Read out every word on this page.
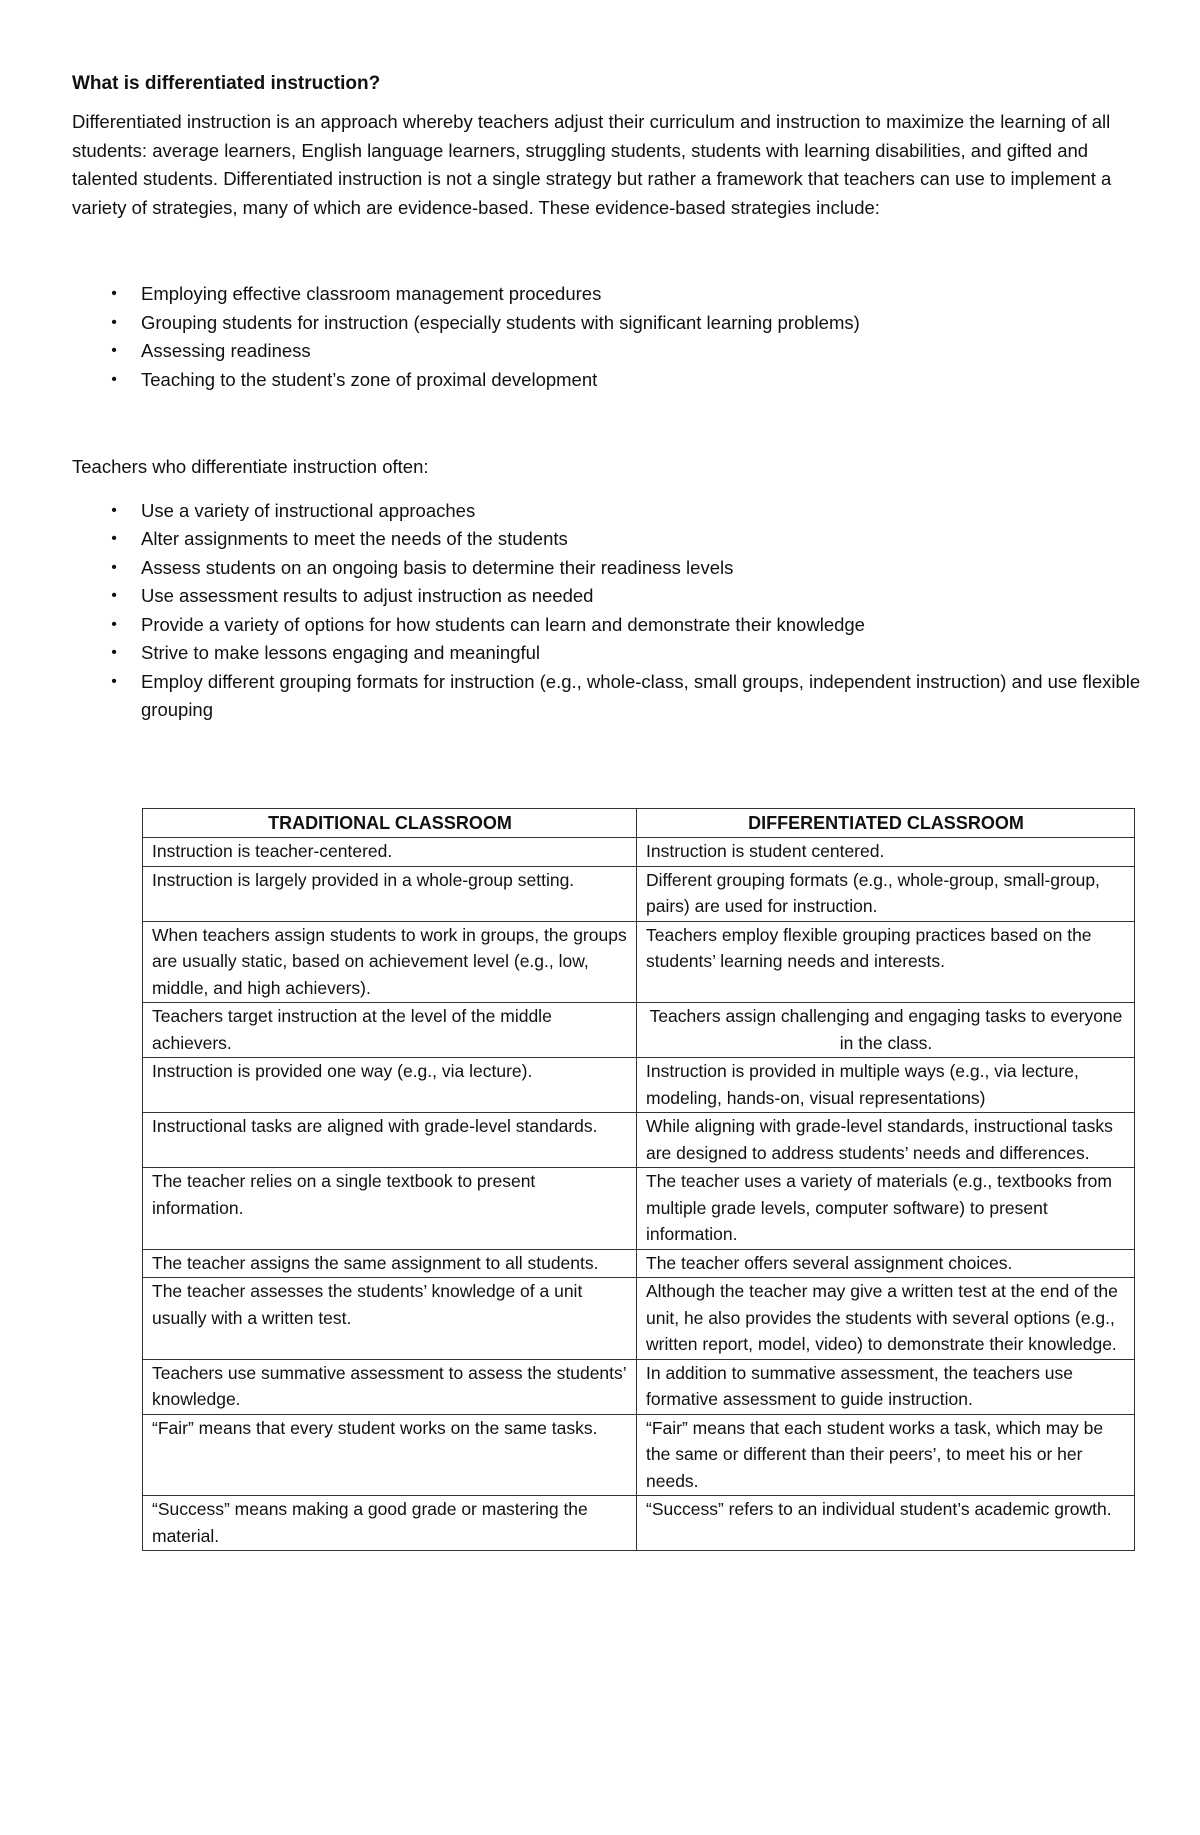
What is differentiated instruction?

Differentiated instruction is an approach whereby teachers adjust their curriculum and instruction to maximize the learning of all students: average learners, English language learners, struggling students, students with learning disabilities, and gifted and talented students. Differentiated instruction is not a single strategy but rather a framework that teachers can use to implement a variety of strategies, many of which are evidence-based. These evidence-based strategies include:

• Employing effective classroom management procedures
• Grouping students for instruction (especially students with significant learning problems)
• Assessing readiness
• Teaching to the student’s zone of proximal development

Teachers who differentiate instruction often:

• Use a variety of instructional approaches
• Alter assignments to meet the needs of the students
• Assess students on an ongoing basis to determine their readiness levels
• Use assessment results to adjust instruction as needed
• Provide a variety of options for how students can learn and demonstrate their knowledge
• Strive to make lessons engaging and meaningful
• Employ different grouping formats for instruction (e.g., whole-class, small groups, independent instruction) and use flexible grouping
TRADITIONAL CLASSROOM	DIFFERENTIATED CLASSROOM
Instruction is teacher-centered.	Instruction is student centered.
Instruction is largely provided in a whole-group setting.	Different grouping formats (e.g., whole-group, small-group, pairs) are used for instruction.
When teachers assign students to work in groups, the groups are usually static, based on achievement level (e.g., low, middle, and high achievers).	Teachers employ flexible grouping practices based on the students’ learning needs and interests.
Teachers target instruction at the level of the middle achievers.	Teachers assign challenging and engaging tasks to everyone in the class.
Instruction is provided one way (e.g., via lecture).	Instruction is provided in multiple ways (e.g., via lecture, modeling, hands-on, visual representations)
Instructional tasks are aligned with grade-level standards.	While aligning with grade-level standards, instructional tasks are designed to address students’ needs and differences.
The teacher relies on a single textbook to present information.	The teacher uses a variety of materials (e.g., textbooks from multiple grade levels, computer software) to present information.
The teacher assigns the same assignment to all students.	The teacher offers several assignment choices.
The teacher assesses the students’ knowledge of a unit usually with a written test.	Although the teacher may give a written test at the end of the unit, he also provides the students with several options (e.g., written report, model, video) to demonstrate their knowledge.
Teachers use summative assessment to assess the students’ knowledge.	In addition to summative assessment, the teachers use formative assessment to guide instruction.
“Fair” means that every student works on the same tasks.	“Fair” means that each student works a task, which may be the same or different than their peers’, to meet his or her needs.
“Success” means making a good grade or mastering the material.	“Success” refers to an individual student’s academic growth.
